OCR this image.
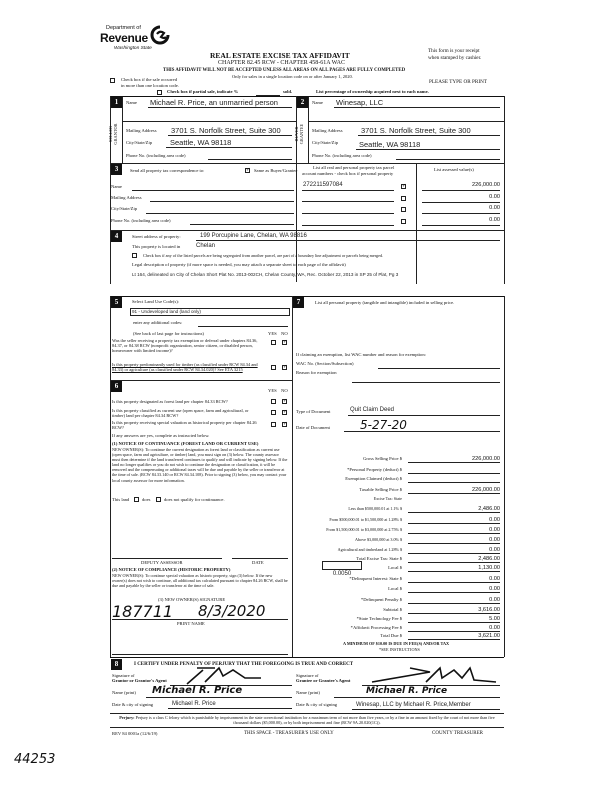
Department of
Revenue
Washington State
REAL ESTATE EXCISE TAX AFFIDAVIT
CHAPTER 82.45 RCW - CHAPTER 458-61A WAC
This form is your receipt
when stamped by cashier.
THIS AFFIDAVIT WILL NOT BE ACCEPTED UNLESS ALL AREAS ON ALL PAGES ARE FULLY COMPLETED
Only for sales in a single location code on or after January 1, 2020.
Check box if the sale occurred
in more than one location code.
PLEASE TYPE OR PRINT
Check box if partial sale, indicate %	sold.	List percentage of ownership acquired next to each name.
1
SELLER GRANTOR
Name Michael R. Price, an unmarried person
Mailing Address 3701 S. Norfolk Street, Suite 300
City/State/Zip Seattle, WA 98118
Phone No. (including area code)
2
BUYER GRANTEE
Name Winesap, LLC
Mailing Address 3701 S. Norfolk Street, Suite 300
City/State/Zip	Seattle, WA 98118
Phone No. (including area code)
3	Send all property tax correspondence to: ✓	Same as Buyer/Grantee
List all real and personal property tax parcel
account numbers - check box if personal property
List assessed value(s)
Name
Mailing Address
City/State/Zip
Phone No. (including area code)
272211597084 ✓	226,000.00
0.00
0.00
0.00
4	Street address of property:	199 Porcupine Lane, Chelan, WA 98816
This property is located in	Chelan
Check box if any of the listed parcels are being segregated from another parcel, are part of a boundary line adjustment or parcels being merged.
Legal description of property (if more space is needed, you may attach a separate sheet to each page of the affidavit)
Lt 164, delineated on City of Chelan Short Plat No. 2013-002CH, Chelan County, WA, Rec. October 22, 2013 in SP 25 of Plat, Pg 3
5	Select Land Use Code(s):
91 - Undeveloped land (land only)
enter any additional codes:
(See back of last page for instructions)	YES NO
Was the seller receiving a property tax exemption or deferral under chapters 84.36, 84.37, or 84.38 RCW (nonprofit organization, senior citizen, or disabled person, homeowner with limited income)?
✓
Is this property predominantly used for timber (as classified under RCW 84.34 and 84.33) or agriculture (as classified under RCW 84.34.020)? See ETA 3215
✓
6
YES NO
Is this property designated as forest land per chapter 84.33 RCW?
✓
Is this property classified as current use (open space, farm and agricultural, or timber) land per chapter 84.34 RCW?
✓
Is this property receiving special valuation as historical property per chapter 84.26 RCW?
✓
If any answers are yes, complete as instructed below.
(1) NOTICE OF CONTINUANCE (FOREST LAND OR CURRENT USE)
NEW OWNER(S): To continue the current designation as forest land or classification as current use (open space, farm and agriculture, or timber) land, you must sign on (3) below. The county assessor must then determine if the land transferred continues to qualify and will indicate by signing below. If the land no longer qualifies or you do not wish to continue the designation or classification, it will be removed and the compensating or additional taxes will be due and payable by the seller or transferor at the time of sale. (RCW 84.33.140 or RCW 84.34.108). Prior to signing (3) below, you may contact your local county assessor for more information.
This land	does	does not qualify for continuance.
DEPUTY ASSESSOR	DATE
(2) NOTICE OF COMPLIANCE (HISTORIC PROPERTY)
NEW OWNER(S): To continue special valuation as historic property, sign (3) below. If the new owner(s) does not wish to continue, all additional tax calculated pursuant to chapter 84.26 RCW, shall be due and payable by the seller or transferor at the time of sale.
(3) NEW OWNER(S) SIGNATURE
187711 8/3/2020
PRINT NAME
7	List all personal property (tangible and intangible) included in selling price.
If claiming an exemption, list WAC number and reason for exemption:
WAC No. (Section/Subsection)
Reason for exemption
Type of Document	Quit Claim Deed
Date of Document	5-27-20
Gross Selling Price $	226,000.00
*Personal Property (deduct) $
Exemption Claimed (deduct) $
Taxable Selling Price $	226,000.00
Excise Tax: State
Less than $500,000.01 at 1.1% $	2,486.00
From $500,000.01 to $1,500,000 at 1.28% $	0.00
From $1,500,000.01 to $3,000,000 at 2.75% $	0.00
Above $3,000,000 at 3.0% $	0.00
Agricultural and timberland at 1.28% $	0.00
Total Excise Tax: State $	2,486.00
Local $	1,130.00
*Delinquent Interest: State $	0.00
Local $	0.00
*Delinquent Penalty $	0.00
Subtotal $	3,616.00
*State Technology Fee $	5.00
*Affidavit Processing Fee $	0.00
Total Due $	3,621.00
0.0050
A MINIMUM OF $10.00 IS DUE IN FEE(S) AND/OR TAX
*SEE INSTRUCTIONS
8	I CERTIFY UNDER PENALTY OF PERJURY THAT THE FOREGOING IS TRUE AND CORRECT
Signature of
Grantor or Grantor's Agent
Signature of
Grantee or Grantee's Agent
Name (print) Michael R. Price	Name (print)	Michael R. Price
Date & city of signing	Michael R. Price	Date & city of signing	Winesap, LLC by Michael R. Price,Member
Perjury: Perjury is a class C felony which is punishable by imprisonment in the state correctional institution for a maximum term of not more than five years, or by a fine in an amount fixed by the court of not more than five thousand dollars ($5,000.00), or by both imprisonment and fine (RCW 9A.20.020(1C)).
REV 84 0001a (12/6/19)	THIS SPACE - TREASURER'S USE ONLY	COUNTY TREASURER
44253
